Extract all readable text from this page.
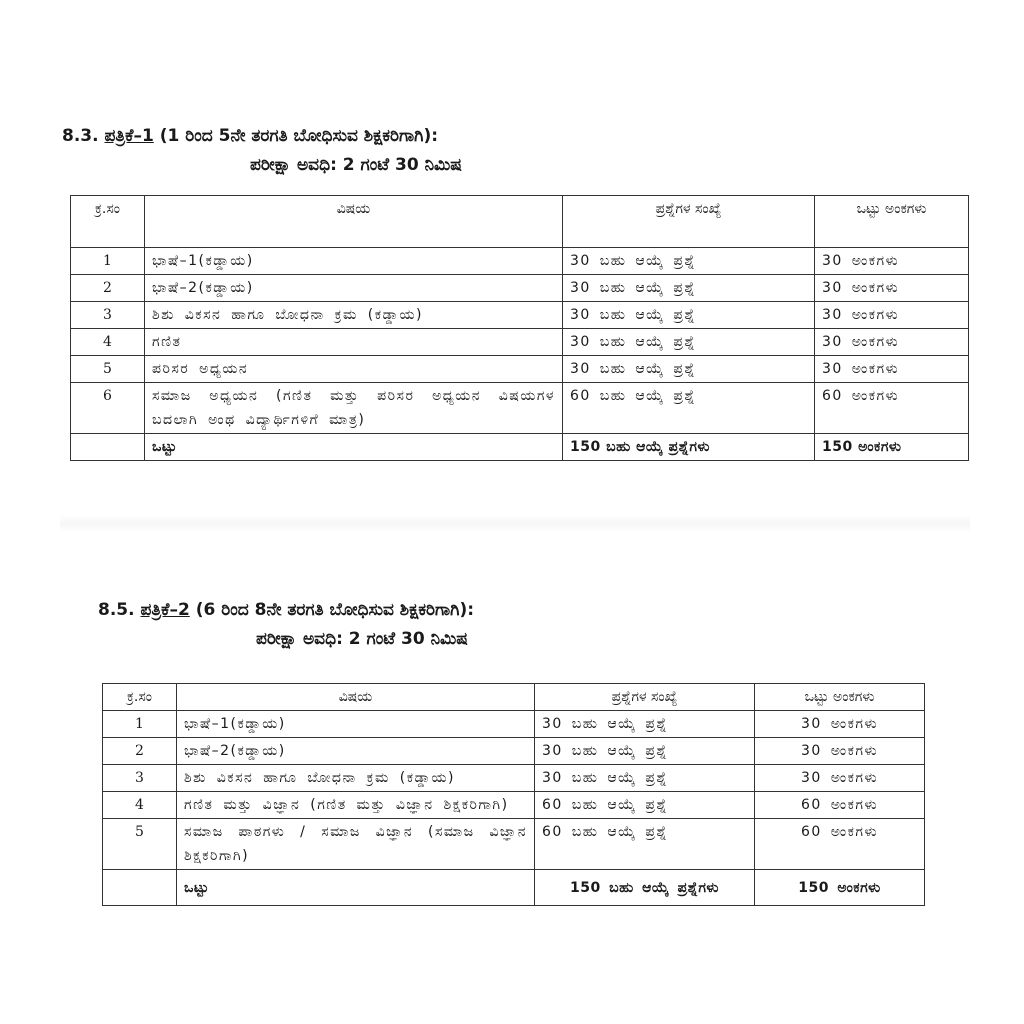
8.3. ಪತ್ರಿಕೆ–1 (1 ರಿಂದ 5ನೇ ತರಗತಿ ಬೋಧಿಸುವ ಶಿಕ್ಷಕರಿಗಾಗಿ):
ಪರೀಕ್ಷಾ ಅವಧಿ: 2 ಗಂಟೆ 30 ನಿಮಿಷ
ಕ್ರ.ಸಂ	ವಿಷಯ	ಪ್ರಶ್ನೆಗಳ ಸಂಖ್ಯೆ	ಒಟ್ಟು ಅಂಕಗಳು
1	ಭಾಷೆ–1(ಕಡ್ಡಾಯ)	30 ಬಹು ಆಯ್ಕೆ ಪ್ರಶ್ನೆ	30 ಅಂಕಗಳು
2	ಭಾಷೆ–2(ಕಡ್ಡಾಯ)	30 ಬಹು ಆಯ್ಕೆ ಪ್ರಶ್ನೆ	30 ಅಂಕಗಳು
3	ಶಿಶು ವಿಕಸನ ಹಾಗೂ ಬೋಧನಾ ಕ್ರಮ (ಕಡ್ಡಾಯ)	30 ಬಹು ಆಯ್ಕೆ ಪ್ರಶ್ನೆ	30 ಅಂಕಗಳು
4	ಗಣಿತ	30 ಬಹು ಆಯ್ಕೆ ಪ್ರಶ್ನೆ	30 ಅಂಕಗಳು
5	ಪರಿಸರ ಅಧ್ಯಯನ	30 ಬಹು ಆಯ್ಕೆ ಪ್ರಶ್ನೆ	30 ಅಂಕಗಳು
6	ಸಮಾಜ ಅಧ್ಯಯನ (ಗಣಿತ ಮತ್ತು ಪರಿಸರ ಅಧ್ಯಯನ ವಿಷಯಗಳ ಬದಲಾಗಿ ಅಂಥ ವಿದ್ಯಾರ್ಥಿಗಳಿಗೆ ಮಾತ್ರ)	60 ಬಹು ಆಯ್ಕೆ ಪ್ರಶ್ನೆ	60 ಅಂಕಗಳು
	ಒಟ್ಟು	150 ಬಹು ಆಯ್ಕೆ ಪ್ರಶ್ನೆಗಳು	150 ಅಂಕಗಳು
8.5. ಪತ್ರಿಕೆ–2 (6 ರಿಂದ 8ನೇ ತರಗತಿ ಬೋಧಿಸುವ ಶಿಕ್ಷಕರಿಗಾಗಿ):
ಪರೀಕ್ಷಾ ಅವಧಿ: 2 ಗಂಟೆ 30 ನಿಮಿಷ
ಕ್ರ.ಸಂ	ವಿಷಯ	ಪ್ರಶ್ನೆಗಳ ಸಂಖ್ಯೆ	ಒಟ್ಟು ಅಂಕಗಳು
1	ಭಾಷೆ–1(ಕಡ್ಡಾಯ)	30 ಬಹು ಆಯ್ಕೆ ಪ್ರಶ್ನೆ	30 ಅಂಕಗಳು
2	ಭಾಷೆ–2(ಕಡ್ಡಾಯ)	30 ಬಹು ಆಯ್ಕೆ ಪ್ರಶ್ನೆ	30 ಅಂಕಗಳು
3	ಶಿಶು ವಿಕಸನ ಹಾಗೂ ಬೋಧನಾ ಕ್ರಮ (ಕಡ್ಡಾಯ)	30 ಬಹು ಆಯ್ಕೆ ಪ್ರಶ್ನೆ	30 ಅಂಕಗಳು
4	ಗಣಿತ ಮತ್ತು ವಿಜ್ಞಾನ (ಗಣಿತ ಮತ್ತು ವಿಜ್ಞಾನ ಶಿಕ್ಷಕರಿಗಾಗಿ)	60 ಬಹು ಆಯ್ಕೆ ಪ್ರಶ್ನೆ	60 ಅಂಕಗಳು
5	ಸಮಾಜ ಪಾಠಗಳು / ಸಮಾಜ ವಿಜ್ಞಾನ (ಸಮಾಜ ವಿಜ್ಞಾನ ಶಿಕ್ಷಕರಿಗಾಗಿ)	60 ಬಹು ಆಯ್ಕೆ ಪ್ರಶ್ನೆ	60 ಅಂಕಗಳು
	ಒಟ್ಟು	150 ಬಹು ಆಯ್ಕೆ ಪ್ರಶ್ನೆಗಳು	150 ಅಂಕಗಳು
